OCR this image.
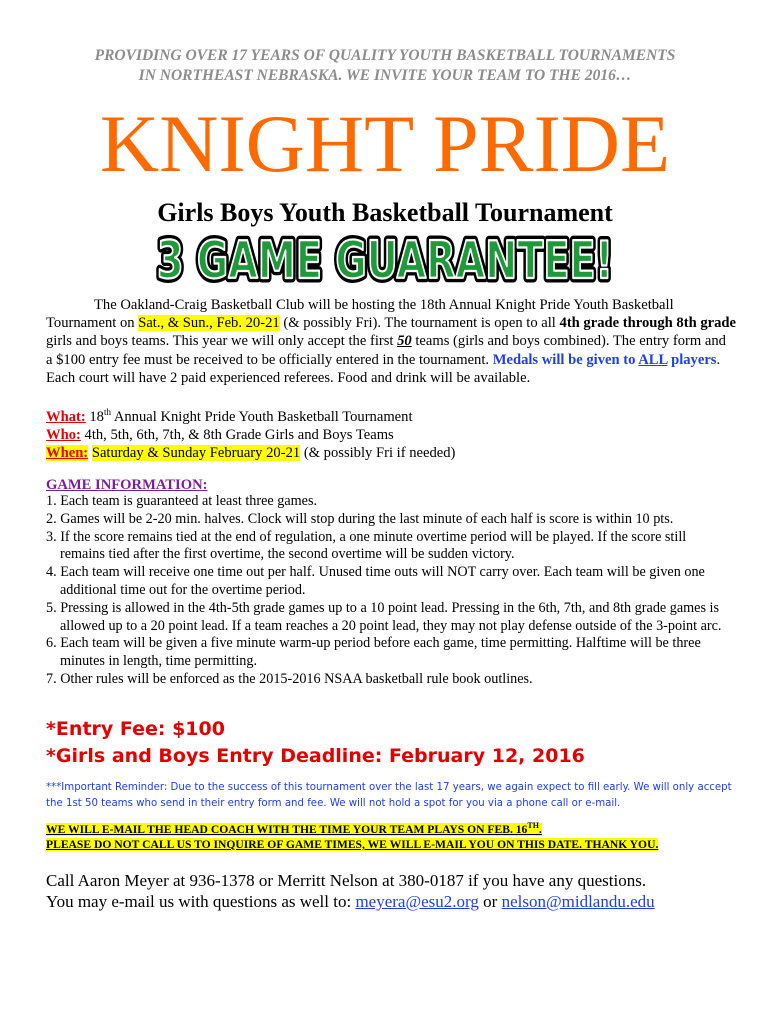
PROVIDING OVER 17 YEARS OF QUALITY YOUTH BASKETBALL TOURNAMENTS
IN NORTHEAST NEBRASKA. WE INVITE YOUR TEAM TO THE 2016…
KNIGHT PRIDE
Girls Boys Youth Basketball Tournament
3 GAME GUARANTEE!
3 GAME GUARANTEE!
The Oakland-Craig Basketball Club will be hosting the 18th Annual Knight Pride Youth Basketball Tournament on Sat., & Sun., Feb. 20-21 (& possibly Fri). The tournament is open to all 4th grade through 8th grade girls and boys teams. This year we will only accept the first 50 teams (girls and boys combined). The entry form and a $100 entry fee must be received to be officially entered in the tournament. Medals will be given to ALL players. Each court will have 2 paid experienced referees. Food and drink will be available.
What: 18th Annual Knight Pride Youth Basketball Tournament
Who: 4th, 5th, 6th, 7th, & 8th Grade Girls and Boys Teams
When: Saturday & Sunday February 20-21 (& possibly Fri if needed)
GAME INFORMATION:
1. Each team is guaranteed at least three games.
2. Games will be 2-20 min. halves. Clock will stop during the last minute of each half is score is within 10 pts.
3. If the score remains tied at the end of regulation, a one minute overtime period will be played. If the score still remains tied after the first overtime, the second overtime will be sudden victory.
4. Each team will receive one time out per half. Unused time outs will NOT carry over. Each team will be given one additional time out for the overtime period.
5. Pressing is allowed in the 4th-5th grade games up to a 10 point lead. Pressing in the 6th, 7th, and 8th grade games is allowed up to a 20 point lead. If a team reaches a 20 point lead, they may not play defense outside of the 3-point arc.
6. Each team will be given a five minute warm-up period before each game, time permitting. Halftime will be three minutes in length, time permitting.
7. Other rules will be enforced as the 2015-2016 NSAA basketball rule book outlines.
*Entry Fee: $100
*Girls and Boys Entry Deadline: February 12, 2016
***Important Reminder: Due to the success of this tournament over the last 17 years, we again expect to fill early. We will only accept the 1st 50 teams who send in their entry form and fee. We will not hold a spot for you via a phone call or e-mail.
WE WILL E-MAIL THE HEAD COACH WITH THE TIME YOUR TEAM PLAYS ON FEB. 16TH.
PLEASE DO NOT CALL US TO INQUIRE OF GAME TIMES, WE WILL E-MAIL YOU ON THIS DATE. THANK YOU.
Call Aaron Meyer at 936-1378 or Merritt Nelson at 380-0187 if you have any questions.
You may e-mail us with questions as well to: meyera@esu2.org or nelson@midlandu.edu
